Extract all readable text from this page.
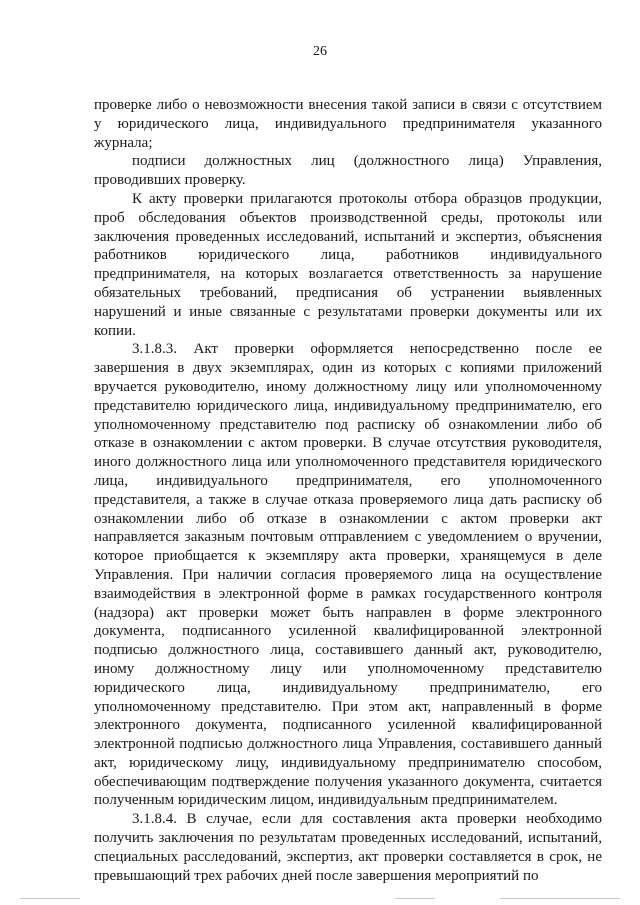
26

проверке либо о невозможности внесения такой записи в связи с отсутствием у юридического лица, индивидуального предпринимателя указанного журнала;

подписи должностных лиц (должностного лица) Управления, проводивших проверку.

К акту проверки прилагаются протоколы отбора образцов продукции, проб обследования объектов производственной среды, протоколы или заключения проведенных исследований, испытаний и экспертиз, объяснения работников юридического лица, работников индивидуального предпринимателя, на которых возлагается ответственность за нарушение обязательных требований, предписания об устранении выявленных нарушений и иные связанные с результатами проверки документы или их копии.

3.1.8.3. Акт проверки оформляется непосредственно после ее завершения в двух экземплярах, один из которых с копиями приложений вручается руководителю, иному должностному лицу или уполномоченному представителю юридического лица, индивидуальному предпринимателю, его уполномоченному представителю под расписку об ознакомлении либо об отказе в ознакомлении с актом проверки. В случае отсутствия руководителя, иного должностного лица или уполномоченного представителя юридического лица, индивидуального предпринимателя, его уполномоченного представителя, а также в случае отказа проверяемого лица дать расписку об ознакомлении либо об отказе в ознакомлении с актом проверки акт направляется заказным почтовым отправлением с уведомлением о вручении, которое приобщается к экземпляру акта проверки, хранящемуся в деле Управления. При наличии согласия проверяемого лица на осуществление взаимодействия в электронной форме в рамках государственного контроля (надзора) акт проверки может быть направлен в форме электронного документа, подписанного усиленной квалифицированной электронной подписью должностного лица, составившего данный акт, руководителю, иному должностному лицу или уполномоченному представителю юридического лица, индивидуальному предпринимателю, его уполномоченному представителю. При этом акт, направленный в форме электронного документа, подписанного усиленной квалифицированной электронной подписью должностного лица Управления, составившего данный акт, юридическому лицу, индивидуальному предпринимателю способом, обеспечивающим подтверждение получения указанного документа, считается полученным юридическим лицом, индивидуальным предпринимателем.

3.1.8.4. В случае, если для составления акта проверки необходимо получить заключения по результатам проведенных исследований, испытаний, специальных расследований, экспертиз, акт проверки составляется в срок, не превышающий трех рабочих дней после завершения мероприятий по
